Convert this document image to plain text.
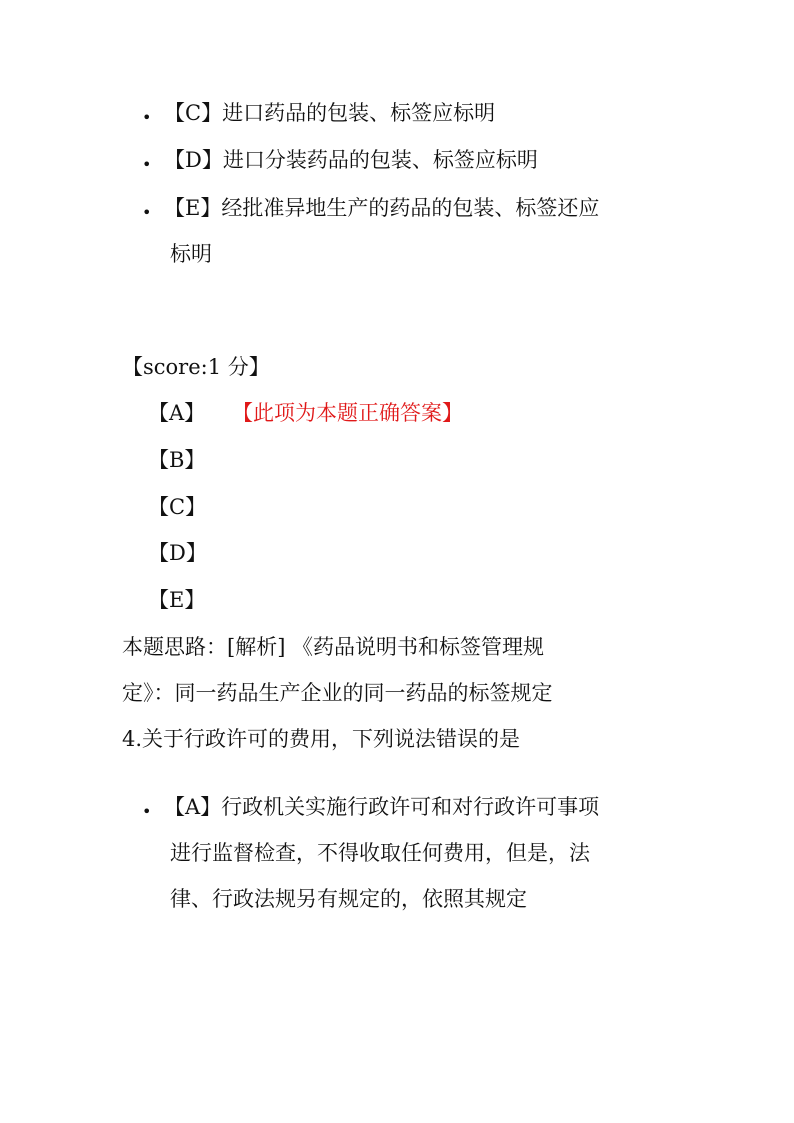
• 【C】进口药品的包装、标签应标明
• 【D】进口分装药品的包装、标签应标明
• 【E】经批准异地生产的药品的包装、标签还应
标明
【score:1 分】
【A】 【此项为本题正确答案】
【B】
【C】
【D】
【E】
本题思路：[解析] 《药品说明书和标签管理规
定》：同一药品生产企业的同一药品的标签规定
4.关于行政许可的费用，下列说法错误的是
• 【A】行政机关实施行政许可和对行政许可事项
进行监督检查，不得收取任何费用，但是，法
律、行政法规另有规定的，依照其规定
